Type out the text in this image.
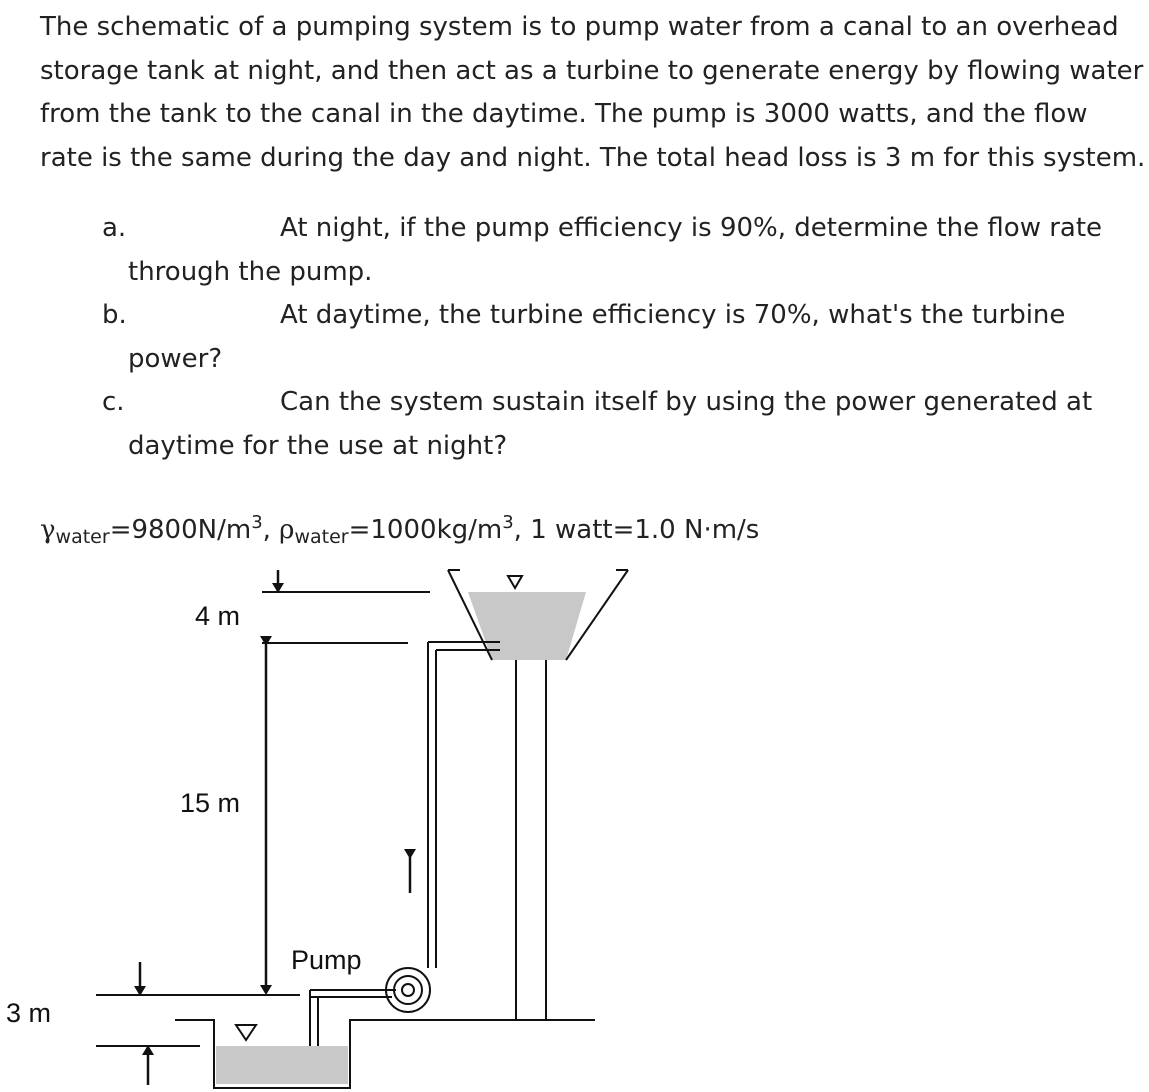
The schematic of a pumping system is to pump water from a canal to an overhead
storage tank at night, and then act as a turbine to generate energy by flowing water
from the tank to the canal in the daytime. The pump is 3000 watts, and the flow
rate is the same during the day and night. The total head loss is 3 m for this system.
a.	At night, if the pump efficiency is 90%, determine the flow rate
through the pump.
b.	At daytime, the turbine efficiency is 70%, what's the turbine
power?
c.	Can the system sustain itself by using the power generated at
daytime for the use at night?
$\gamma_{water}=9800N/m^3$, $\rho_{water}=1000kg/m^3$, 1 watt=1.0 N·m/s
4 m
15 m
3 m
Pump
